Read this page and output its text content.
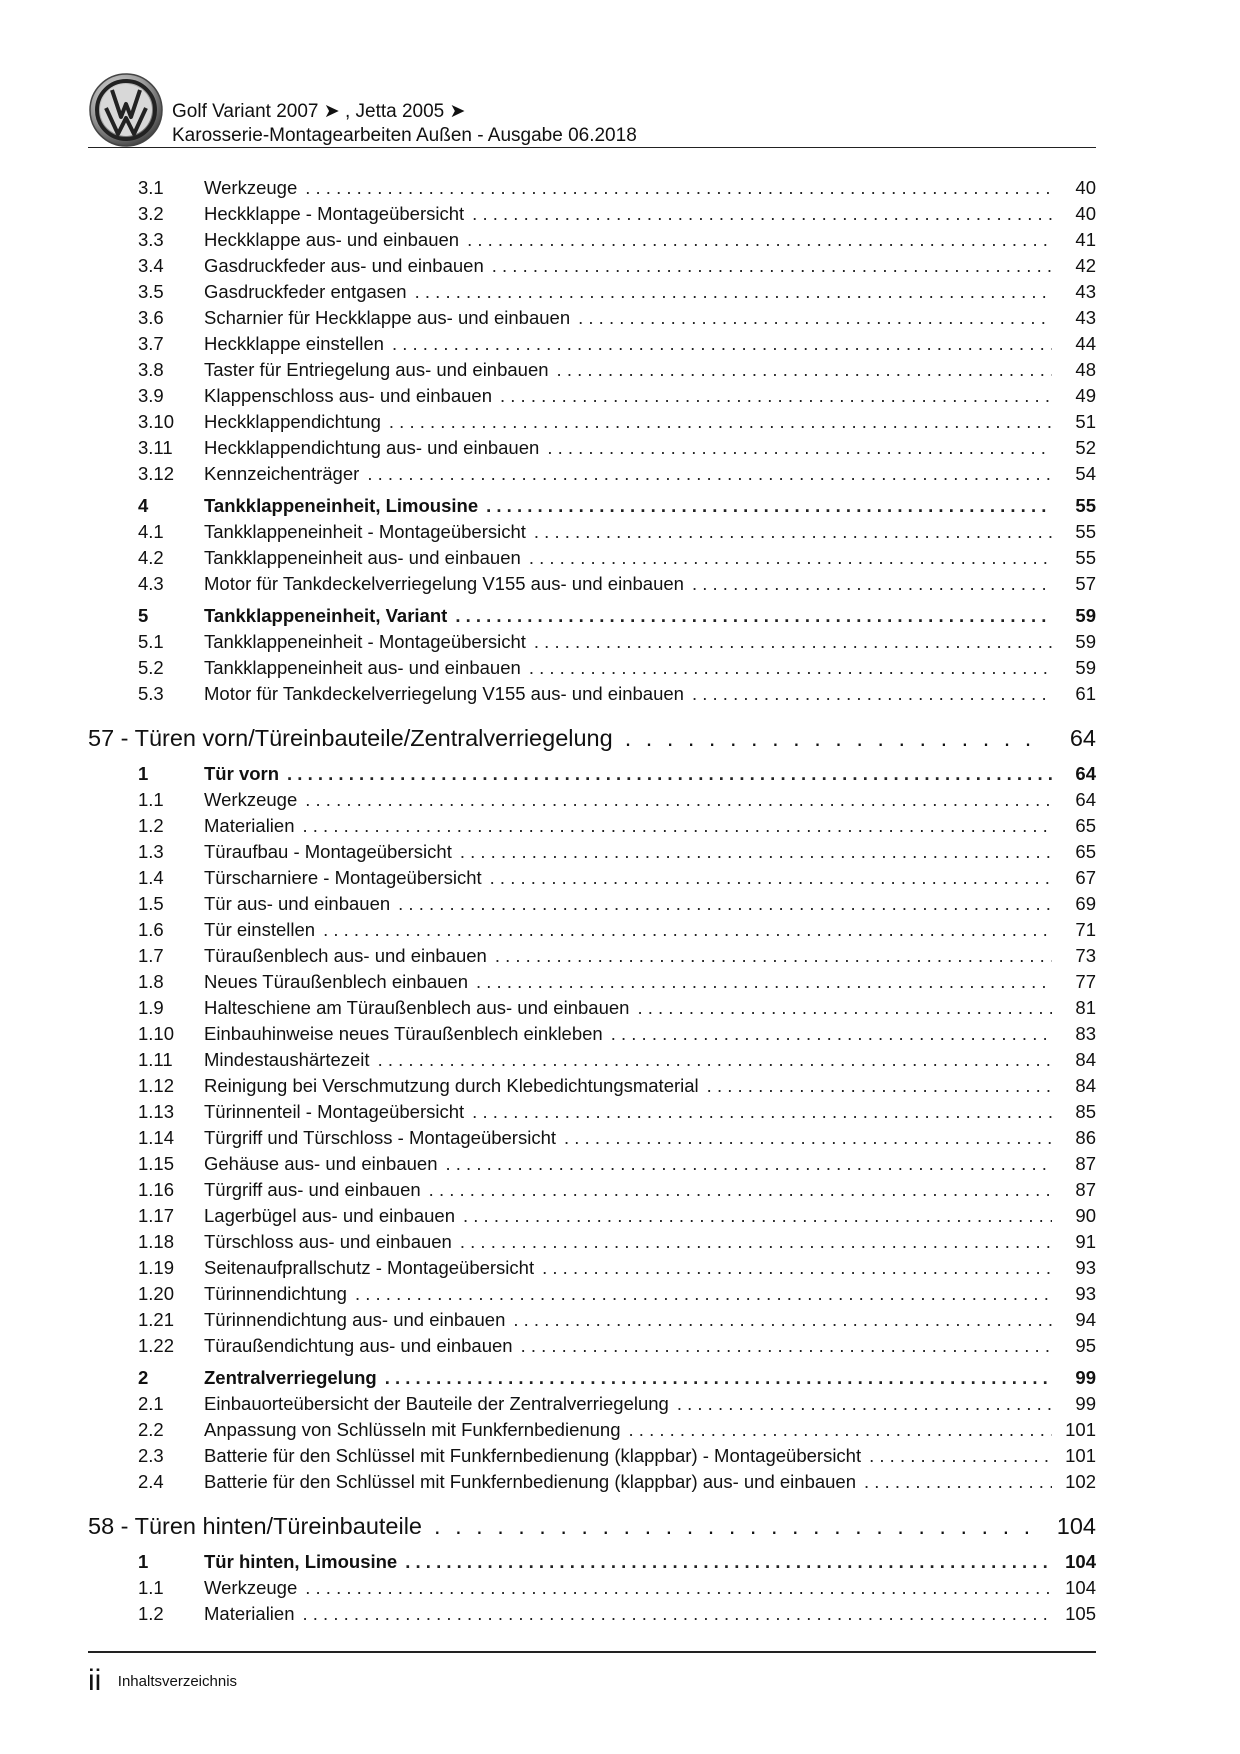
Golf Variant 2007 ➤ , Jetta 2005 ➤
Karosserie-Montagearbeiten Außen - Ausgabe 06.2018
3.1	Werkzeuge . . .	40
3.2	Heckklappe - Montageübersicht . . .	40
3.3	Heckklappe aus- und einbauen . . .	41
3.4	Gasdruckfeder aus- und einbauen . . .	42
3.5	Gasdruckfeder entgasen . . .	43
3.6	Scharnier für Heckklappe aus- und einbauen . . .	43
3.7	Heckklappe einstellen . . .	44
3.8	Taster für Entriegelung aus- und einbauen . . .	48
3.9	Klappenschloss aus- und einbauen . . .	49
3.10	Heckklappendichtung . . .	51
3.11	Heckklappendichtung aus- und einbauen . . .	52
3.12	Kennzeichenträger . . .	54
4	Tankklappeneinheit, Limousine . . .	55
4.1	Tankklappeneinheit - Montageübersicht . . .	55
4.2	Tankklappeneinheit aus- und einbauen . . .	55
4.3	Motor für Tankdeckelverriegelung V155 aus- und einbauen . . .	57
5	Tankklappeneinheit, Variant . . .	59
5.1	Tankklappeneinheit - Montageübersicht . . .	59
5.2	Tankklappeneinheit aus- und einbauen . . .	59
5.3	Motor für Tankdeckelverriegelung V155 aus- und einbauen . . .	61
57 - Türen vorn/Türeinbauteile/Zentralverriegelung . . .	64
1	Tür vorn . . .	64
1.1	Werkzeuge . . .	64
1.2	Materialien . . .	65
1.3	Türaufbau - Montageübersicht . . .	65
1.4	Türscharniere - Montageübersicht . . .	67
1.5	Tür aus- und einbauen . . .	69
1.6	Tür einstellen . . .	71
1.7	Türaußenblech aus- und einbauen . . .	73
1.8	Neues Türaußenblech einbauen . . .	77
1.9	Halteschiene am Türaußenblech aus- und einbauen . . .	81
1.10	Einbauhinweise neues Türaußenblech einkleben . . .	83
1.11	Mindestaushärtezeit . . .	84
1.12	Reinigung bei Verschmutzung durch Klebedichtungsmaterial . . .	84
1.13	Türinnenteil - Montageübersicht . . .	85
1.14	Türgriff und Türschloss - Montageübersicht . . .	86
1.15	Gehäuse aus- und einbauen . . .	87
1.16	Türgriff aus- und einbauen . . .	87
1.17	Lagerbügel aus- und einbauen . . .	90
1.18	Türschloss aus- und einbauen . . .	91
1.19	Seitenaufprallschutz - Montageübersicht . . .	93
1.20	Türinnendichtung . . .	93
1.21	Türinnendichtung aus- und einbauen . . .	94
1.22	Türaußendichtung aus- und einbauen . . .	95
2	Zentralverriegelung . . .	99
2.1	Einbauorteübersicht der Bauteile der Zentralverriegelung . . .	99
2.2	Anpassung von Schlüsseln mit Funkfernbedienung . . .	101
2.3	Batterie für den Schlüssel mit Funkfernbedienung (klappbar) - Montageübersicht . . .	101
2.4	Batterie für den Schlüssel mit Funkfernbedienung (klappbar) aus- und einbauen . . .	102
58 - Türen hinten/Türeinbauteile . . .	104
1	Tür hinten, Limousine . . .	104
1.1	Werkzeuge . . .	104
1.2	Materialien . . .	105
ii Inhaltsverzeichnis
